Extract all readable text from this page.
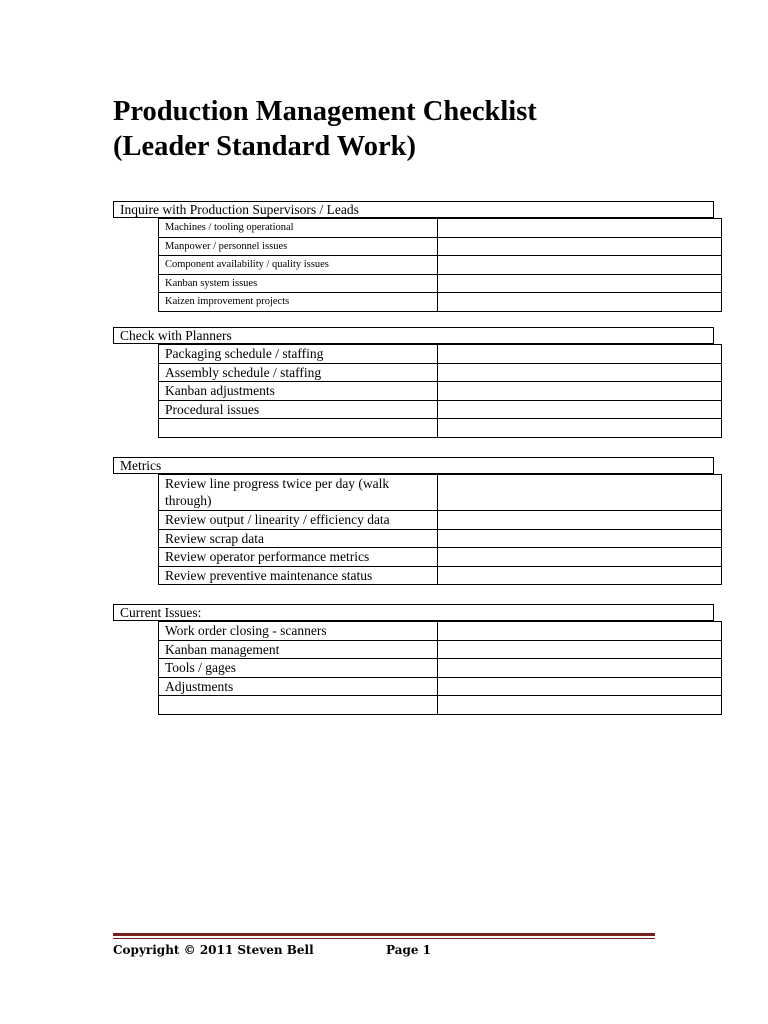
Production Management Checklist
(Leader Standard Work)
Inquire with Production Supervisors / Leads
Machines / tooling operational	
Manpower / personnel issues	
Component availability / quality issues	
Kanban system issues	
Kaizen improvement projects	
Check with Planners
Packaging schedule / staffing	
Assembly schedule / staffing	
Kanban adjustments	
Procedural issues	

Metrics
Review line progress twice per day (walk through)	
Review output / linearity / efficiency data	
Review scrap data	
Review operator performance metrics	
Review preventive maintenance status	
Current Issues:
Work order closing - scanners	
Kanban management	
Tools / gages	
Adjustments	

Copyright © 2011 Steven Bell	Page 1
